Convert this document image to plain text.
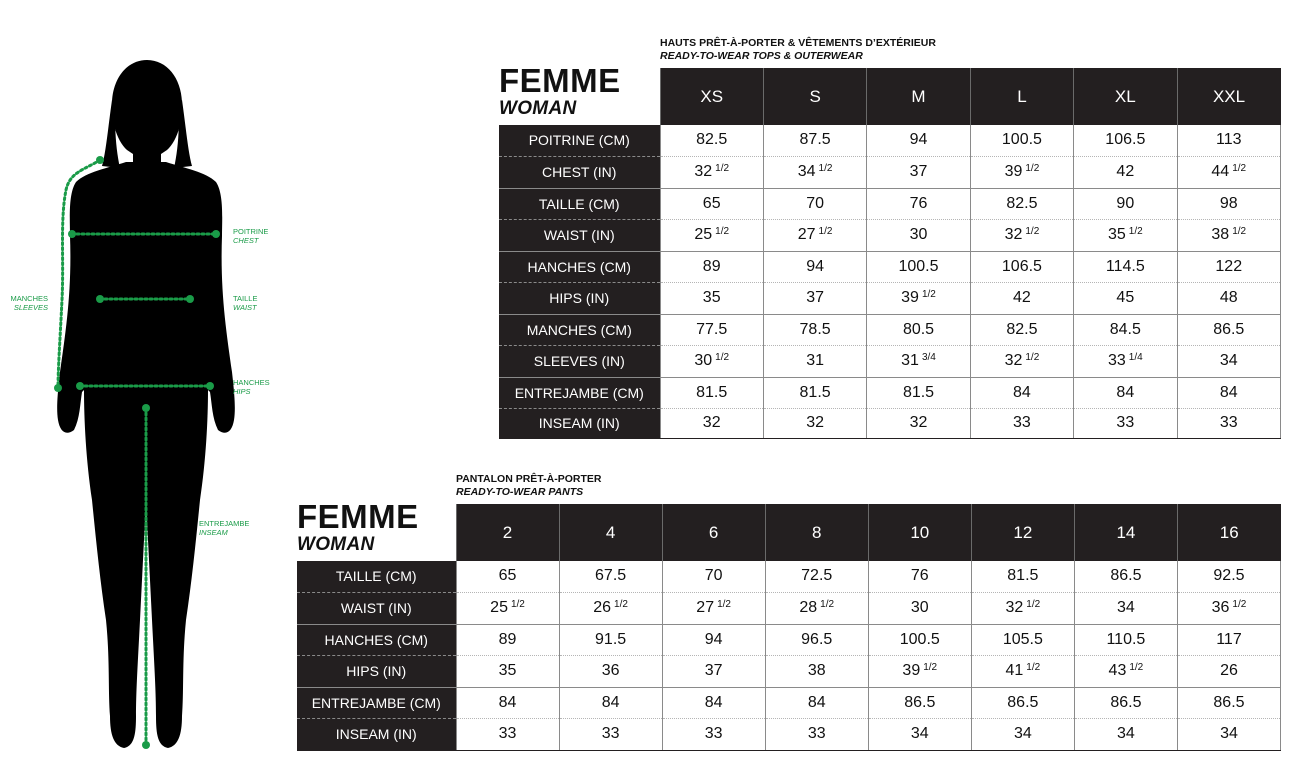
POITRINE
CHEST
TAILLE
WAIST
HANCHES
HIPS
MANCHES
SLEEVES
ENTREJAMBE
INSEAM
HAUTS PRÊT-À-PORTER & VÊTEMENTS D’EXTÉRIEUR
READY-TO-WEAR TOPS & OUTERWEAR
FEMME
WOMAN
	XS	S	M	L	XL	XXL
POITRINE (CM)	82.5	87.5	94	100.5	106.5	113
CHEST (IN)	32 $^{1/2}$	34 $^{1/2}$	37	39 $^{1/2}$	42	44 $^{1/2}$
TAILLE (CM)	65	70	76	82.5	90	98
WAIST (IN)	25 $^{1/2}$	27 $^{1/2}$	30	32 $^{1/2}$	35 $^{1/2}$	38 $^{1/2}$
HANCHES (CM)	89	94	100.5	106.5	114.5	122
HIPS (IN)	35	37	39 $^{1/2}$	42	45	48
MANCHES (CM)	77.5	78.5	80.5	82.5	84.5	86.5
SLEEVES (IN)	30 $^{1/2}$	31	31 $^{3/4}$	32 $^{1/2}$	33 $^{1/4}$	34
ENTREJAMBE (CM)	81.5	81.5	81.5	84	84	84
INSEAM (IN)	32	32	32	33	33	33
PANTALON PRÊT-À-PORTER
READY-TO-WEAR PANTS
FEMME
WOMAN
	2	4	6	8	10	12	14	16
TAILLE (CM)	65	67.5	70	72.5	76	81.5	86.5	92.5
WAIST (IN)	25 $^{1/2}$	26 $^{1/2}$	27 $^{1/2}$	28 $^{1/2}$	30	32 $^{1/2}$	34	36 $^{1/2}$
HANCHES (CM)	89	91.5	94	96.5	100.5	105.5	110.5	117
HIPS (IN)	35	36	37	38	39 $^{1/2}$	41 $^{1/2}$	43 $^{1/2}$	26
ENTREJAMBE (CM)	84	84	84	84	86.5	86.5	86.5	86.5
INSEAM (IN)	33	33	33	33	34	34	34	34
